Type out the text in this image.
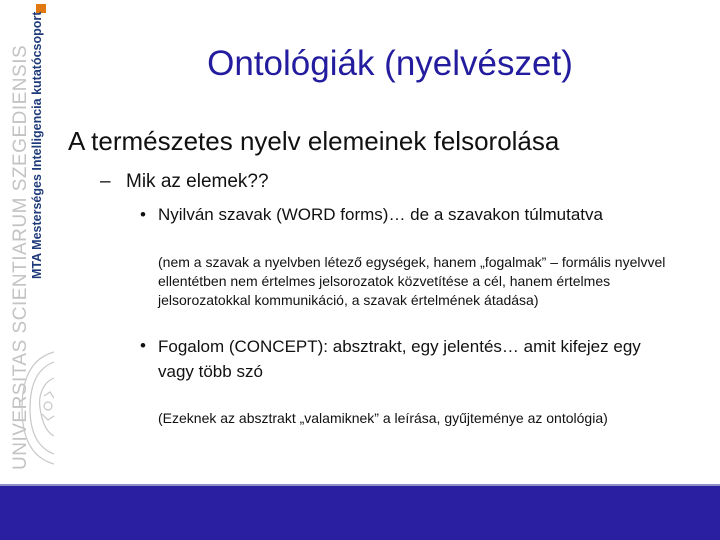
MTA Mesterséges Intelligencia kutatócsoport
UNIVERSITAS SCIENTIARUM SZEGEDIENSIS	Ontológiák (nyelvészet)
A természetes nyelv elemeinek felsorolása
– Mik az elemek??
• Nyilván szavak (WORD forms)… de a szavakon túlmutatva
(nem a szavak a nyelvben létező egységek, hanem „fogalmak” – formális nyelvvel ellentétben nem értelmes jelsorozatok közvetítése a cél, hanem értelmes jelsorozatokkal kommunikáció, a szavak értelmének átadása)
• Fogalom (CONCEPT): absztrakt, egy jelentés… amit kifejez egy vagy több szó
(Ezeknek az absztrakt „valamiknek” a leírása, gyűjteménye az ontológia)
